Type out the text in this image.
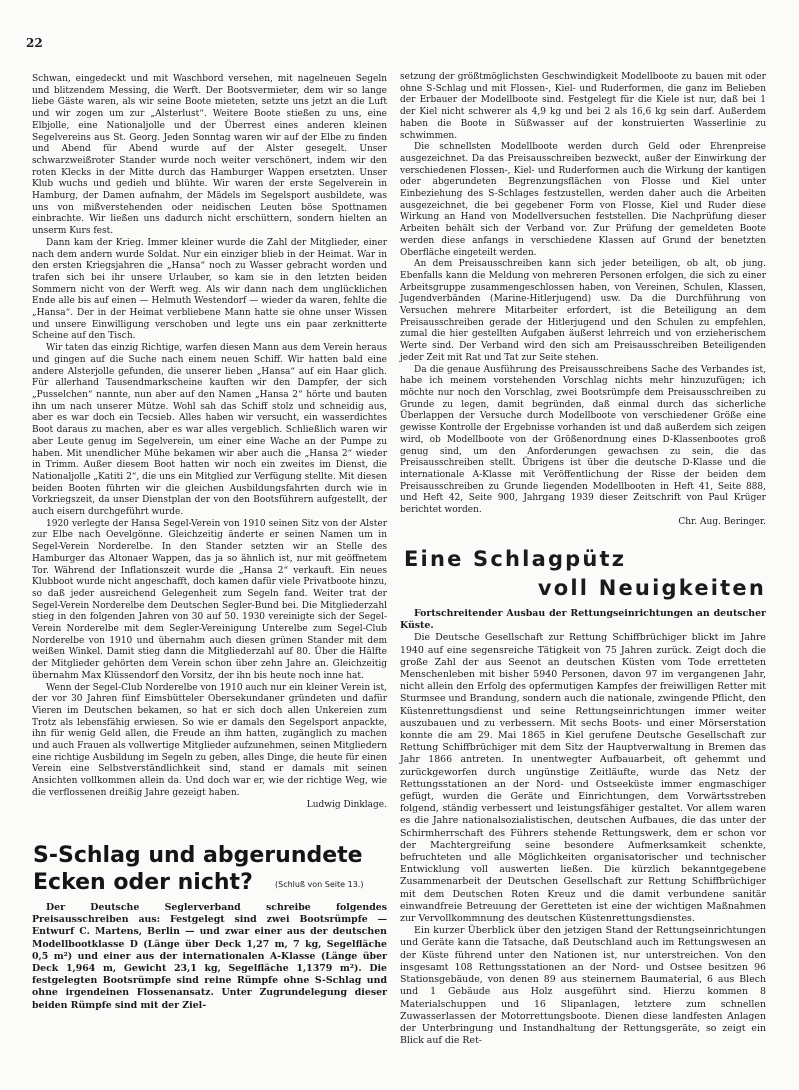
22

Schwan, eingedeckt und mit Waschbord versehen, mit nagelneuen Segeln und blitzendem Messing, die Werft. Der Bootsvermieter, dem wir so lange liebe Gäste waren, als wir seine Boote mieteten, setzte uns jetzt an die Luft und wir zogen um zur „Alsterlust“. Weitere Boote stießen zu uns, eine Elbjolle, eine Nationaljolle und der Überrest eines anderen kleinen Segelvereins aus St. Georg. Jeden Sonntag waren wir auf der Elbe zu finden und Abend für Abend wurde auf der Alster gesegelt. Unser schwarzweißroter Stander wurde noch weiter verschönert, indem wir den roten Klecks in der Mitte durch das Hamburger Wappen ersetzten. Unser Klub wuchs und gedieh und blühte. Wir waren der erste Segelverein in Hamburg, der Damen aufnahm, der Mädels im Segelsport ausbildete, was uns von mißverstehenden oder neidischen Leuten böse Spottnamen einbrachte. Wir ließen uns dadurch nicht erschüttern, sondern hielten an unserm Kurs fest.

Dann kam der Krieg. Immer kleiner wurde die Zahl der Mitglieder, einer nach dem andern wurde Soldat. Nur ein einziger blieb in der Heimat. War in den ersten Kriegsjahren die „Hansa“ noch zu Wasser gebracht worden und trafen sich bei ihr unsere Urlauber, so kam sie in den letzten beiden Sommern nicht von der Werft weg. Als wir dann nach dem unglücklichen Ende alle bis auf einen — Helmuth Westendorf — wieder da waren, fehlte die „Hansa“. Der in der Heimat verbliebene Mann hatte sie ohne unser Wissen und unsere Einwilligung verschoben und legte uns ein paar zerknitterte Scheine auf den Tisch.

Wir taten das einzig Richtige, warfen diesen Mann aus dem Verein heraus und gingen auf die Suche nach einem neuen Schiff. Wir hatten bald eine andere Alsterjolle gefunden, die unserer lieben „Hansa“ auf ein Haar glich. Für allerhand Tausendmarkscheine kauften wir den Dampfer, der sich „Pusselchen“ nannte, nun aber auf den Namen „Hansa 2“ hörte und bauten ihn um nach unserer Mütze. Wohl sah das Schiff stolz und schneidig aus, aber es war doch ein Tecsieb. Alles haben wir versucht, ein wasserdichtes Boot daraus zu machen, aber es war alles vergeblich. Schließlich waren wir aber Leute genug im Segelverein, um einer eine Wache an der Pumpe zu haben. Mit unendlicher Mühe bekamen wir aber auch die „Hansa 2“ wieder in Trimm. Außer diesem Boot hatten wir noch ein zweites im Dienst, die Nationaljolle „Katiti 2“, die uns ein Mitglied zur Verfügung stellte. Mit diesen beiden Booten führten wir die gleichen Ausbildungsfahrten durch wie in Vorkriegszeit, da unser Dienstplan der von den Bootsführern aufgestellt, der auch eisern durchgeführt wurde.

1920 verlegte der Hansa Segel-Verein von 1910 seinen Sitz von der Alster zur Elbe nach Oevelgönne. Gleichzeitig änderte er seinen Namen um in Segel-Verein Norderelbe. In den Stander setzten wir an Stelle des Hamburger das Altonaer Wappen, das ja so ähnlich ist, nur mit geöffnetem Tor. Während der Inflationszeit wurde die „Hansa 2“ verkauft. Ein neues Klubboot wurde nicht angeschafft, doch kamen dafür viele Privatboote hinzu, so daß jeder ausreichend Gelegenheit zum Segeln fand. Weiter trat der Segel-Verein Norderelbe dem Deutschen Segler-Bund bei. Die Mitgliederzahl stieg in den folgenden Jahren von 30 auf 50. 1930 vereinigte sich der Segel-Verein Norderelbe mit dem Segler-Vereinigung Unterelbe zum Segel-Club Norderelbe von 1910 und übernahm auch diesen grünen Stander mit dem weißen Winkel. Damit stieg dann die Mitgliederzahl auf 80. Über die Hälfte der Mitglieder gehörten dem Verein schon über zehn Jahre an. Gleichzeitig übernahm Max Klüssendorf den Vorsitz, der ihn bis heute noch inne hat.

Wenn der Segel-Club Norderelbe von 1910 auch nur ein kleiner Verein ist, der vor 30 Jahren fünf Eimsbütteler Obersekundaner gründeten und dafür Vieren im Deutschen bekamen, so hat er sich doch allen Unkereien zum Trotz als lebensfähig erwiesen. So wie er damals den Segelsport anpackte, ihn für wenig Geld allen, die Freude an ihm hatten, zugänglich zu machen und auch Frauen als vollwertige Mitglieder aufzunehmen, seinen Mitgliedern eine richtige Ausbildung im Segeln zu geben, alles Dinge, die heute für einen Verein eine Selbstverständlichkeit sind, stand er damals mit seinen Ansichten vollkommen allein da. Und doch war er, wie der richtige Weg, wie die verflossenen dreißig Jahre gezeigt haben.

Ludwig Dinklage.

S-Schlag und abgerundete Ecken oder nicht?	(Schluß von Seite 13.)

Der Deutsche Seglerverband schreibe folgendes Preisausschreiben aus: Festgelegt sind zwei Bootsrümpfe — Entwurf C. Martens, Berlin — und zwar einer aus der deutschen Modellbootklasse D (Länge über Deck 1,27 m, 7 kg, Segelfläche 0,5 m²) und einer aus der internationalen A-Klasse (Länge über Deck 1,964 m, Gewicht 23,1 kg, Segelfläche 1,1379 m²). Die festgelegten Bootsrümpfe sind reine Rümpfe ohne S-Schlag und ohne irgendeinen Flossenansatz. Unter Zugrundelegung dieser beiden Rümpfe sind mit der Ziel-

setzung der größtmöglichsten Geschwindigkeit Modellboote zu bauen mit oder ohne S-Schlag und mit Flossen-, Kiel- und Ruderformen, die ganz im Belieben der Erbauer der Modellboote sind. Festgelegt für die Kiele ist nur, daß bei 1 der Kiel nicht schwerer als 4,9 kg und bei 2 als 16,6 kg sein darf. Außerdem haben die Boote in Süßwasser auf der konstruierten Wasserlinie zu schwimmen.

Die schnellsten Modellboote werden durch Geld oder Ehrenpreise ausgezeichnet. Da das Preisausschreiben bezweckt, außer der Einwirkung der verschiedenen Flossen-, Kiel- und Ruderformen auch die Wirkung der kantigen oder abgerundeten Begrenzungsflächen von Flosse und Kiel unter Einbeziehung des S-Schlages festzustellen, werden daher auch die Arbeiten ausgezeichnet, die bei gegebener Form von Flosse, Kiel und Ruder diese Wirkung an Hand von Modellversuchen feststellen. Die Nachprüfung dieser Arbeiten behält sich der Verband vor. Zur Prüfung der gemeldeten Boote werden diese anfangs in verschiedene Klassen auf Grund der benetzten Oberfläche eingeteilt werden.

An dem Preisausschreiben kann sich jeder beteiligen, ob alt, ob jung. Ebenfalls kann die Meldung von mehreren Personen erfolgen, die sich zu einer Arbeitsgruppe zusammengeschlossen haben, von Vereinen, Schulen, Klassen, Jugendverbänden (Marine-Hitlerjugend) usw. Da die Durchführung von Versuchen mehrere Mitarbeiter erfordert, ist die Beteiligung an dem Preisausschreiben gerade der Hitlerjugend und den Schulen zu empfehlen, zumal die hier gestellten Aufgaben äußerst lehrreich und von erzieherischem Werte sind. Der Verband wird den sich am Preisausschreiben Beteiligenden jeder Zeit mit Rat und Tat zur Seite stehen.

Da die genaue Ausführung des Preisausschreibens Sache des Verbandes ist, habe ich meinem vorstehenden Vorschlag nichts mehr hinzuzufügen; ich möchte nur noch den Vorschlag, zwei Bootsrümpfe dem Preisausschreiben zu Grunde zu legen, damit begründen, daß einmal durch das sicherliche Überlappen der Versuche durch Modellboote von verschiedener Größe eine gewisse Kontrolle der Ergebnisse vorhanden ist und daß außerdem sich zeigen wird, ob Modellboote von der Größenordnung eines D-Klassenbootes groß genug sind, um den Anforderungen gewachsen zu sein, die das Preisausschreiben stellt. Übrigens ist über die deutsche D-Klasse und die internationale A-Klasse mit Veröffentlichung der Risse der beiden dem Preisausschreiben zu Grunde liegenden Modellbooten in Heft 41, Seite 888, und Heft 42, Seite 900, Jahrgang 1939 dieser Zeitschrift von Paul Krüger berichtet worden.

Chr. Aug. Beringer.

Eine Schlagpütz
voll Neuigkeiten

Fortschreitender Ausbau der Rettungseinrichtungen an deutscher Küste.

Die Deutsche Gesellschaft zur Rettung Schiffbrüchiger blickt im Jahre 1940 auf eine segensreiche Tätigkeit von 75 Jahren zurück. Zeigt doch die große Zahl der aus Seenot an deutschen Küsten vom Tode erretteten Menschenleben mit bisher 5940 Personen, davon 97 im vergangenen Jahr, nicht allein den Erfolg des opfermutigen Kampfes der freiwilligen Retter mit Sturmsee und Brandung, sondern auch die nationale, zwingende Pflicht, den Küstenrettungsdienst und seine Rettungseinrichtungen immer weiter auszubauen und zu verbessern. Mit sechs Boots- und einer Mörserstation konnte die am 29. Mai 1865 in Kiel gerufene Deutsche Gesellschaft zur Rettung Schiffbrüchiger mit dem Sitz der Hauptverwaltung in Bremen das Jahr 1866 antreten. In unentwegter Aufbauarbeit, oft gehemmt und zurückgeworfen durch ungünstige Zeitläufte, wurde das Netz der Rettungsstationen an der Nord- und Ostseeküste immer engmaschiger gefügt, wurden die Geräte und Einrichtungen, dem Vorwärtsstreben folgend, ständig verbessert und leistungsfähiger gestaltet. Vor allem waren es die Jahre nationalsozialistischen, deutschen Aufbaues, die das unter der Schirmherrschaft des Führers stehende Rettungswerk, dem er schon vor der Machtergreifung seine besondere Aufmerksamkeit schenkte, befruchteten und alle Möglichkeiten organisatorischer und technischer Entwicklung voll auswerten ließen. Die kürzlich bekanntgegebene Zusammenarbeit der Deutschen Gesellschaft zur Rettung Schiffbrüchiger mit dem Deutschen Roten Kreuz und die damit verbundene sanitär einwandfreie Betreuung der Geretteten ist eine der wichtigen Maßnahmen zur Vervollkommnung des deutschen Küstenrettungsdienstes.

Ein kurzer Überblick über den jetzigen Stand der Rettungseinrichtungen und Geräte kann die Tatsache, daß Deutschland auch im Rettungswesen an der Küste führend unter den Nationen ist, nur unterstreichen. Von den insgesamt 108 Rettungsstationen an der Nord- und Ostsee besitzen 96 Stationsgebäude, von denen 89 aus steinernem Baumaterial, 6 aus Blech und 1 Gebäude aus Holz ausgeführt sind. Hierzu kommen 8 Materialschuppen und 16 Slipanlagen, letztere zum schnellen Zuwasserlassen der Motorrettungsboote. Dienen diese landfesten Anlagen der Unterbringung und Instandhaltung der Rettungsgeräte, so zeigt ein Blick auf die Ret-
